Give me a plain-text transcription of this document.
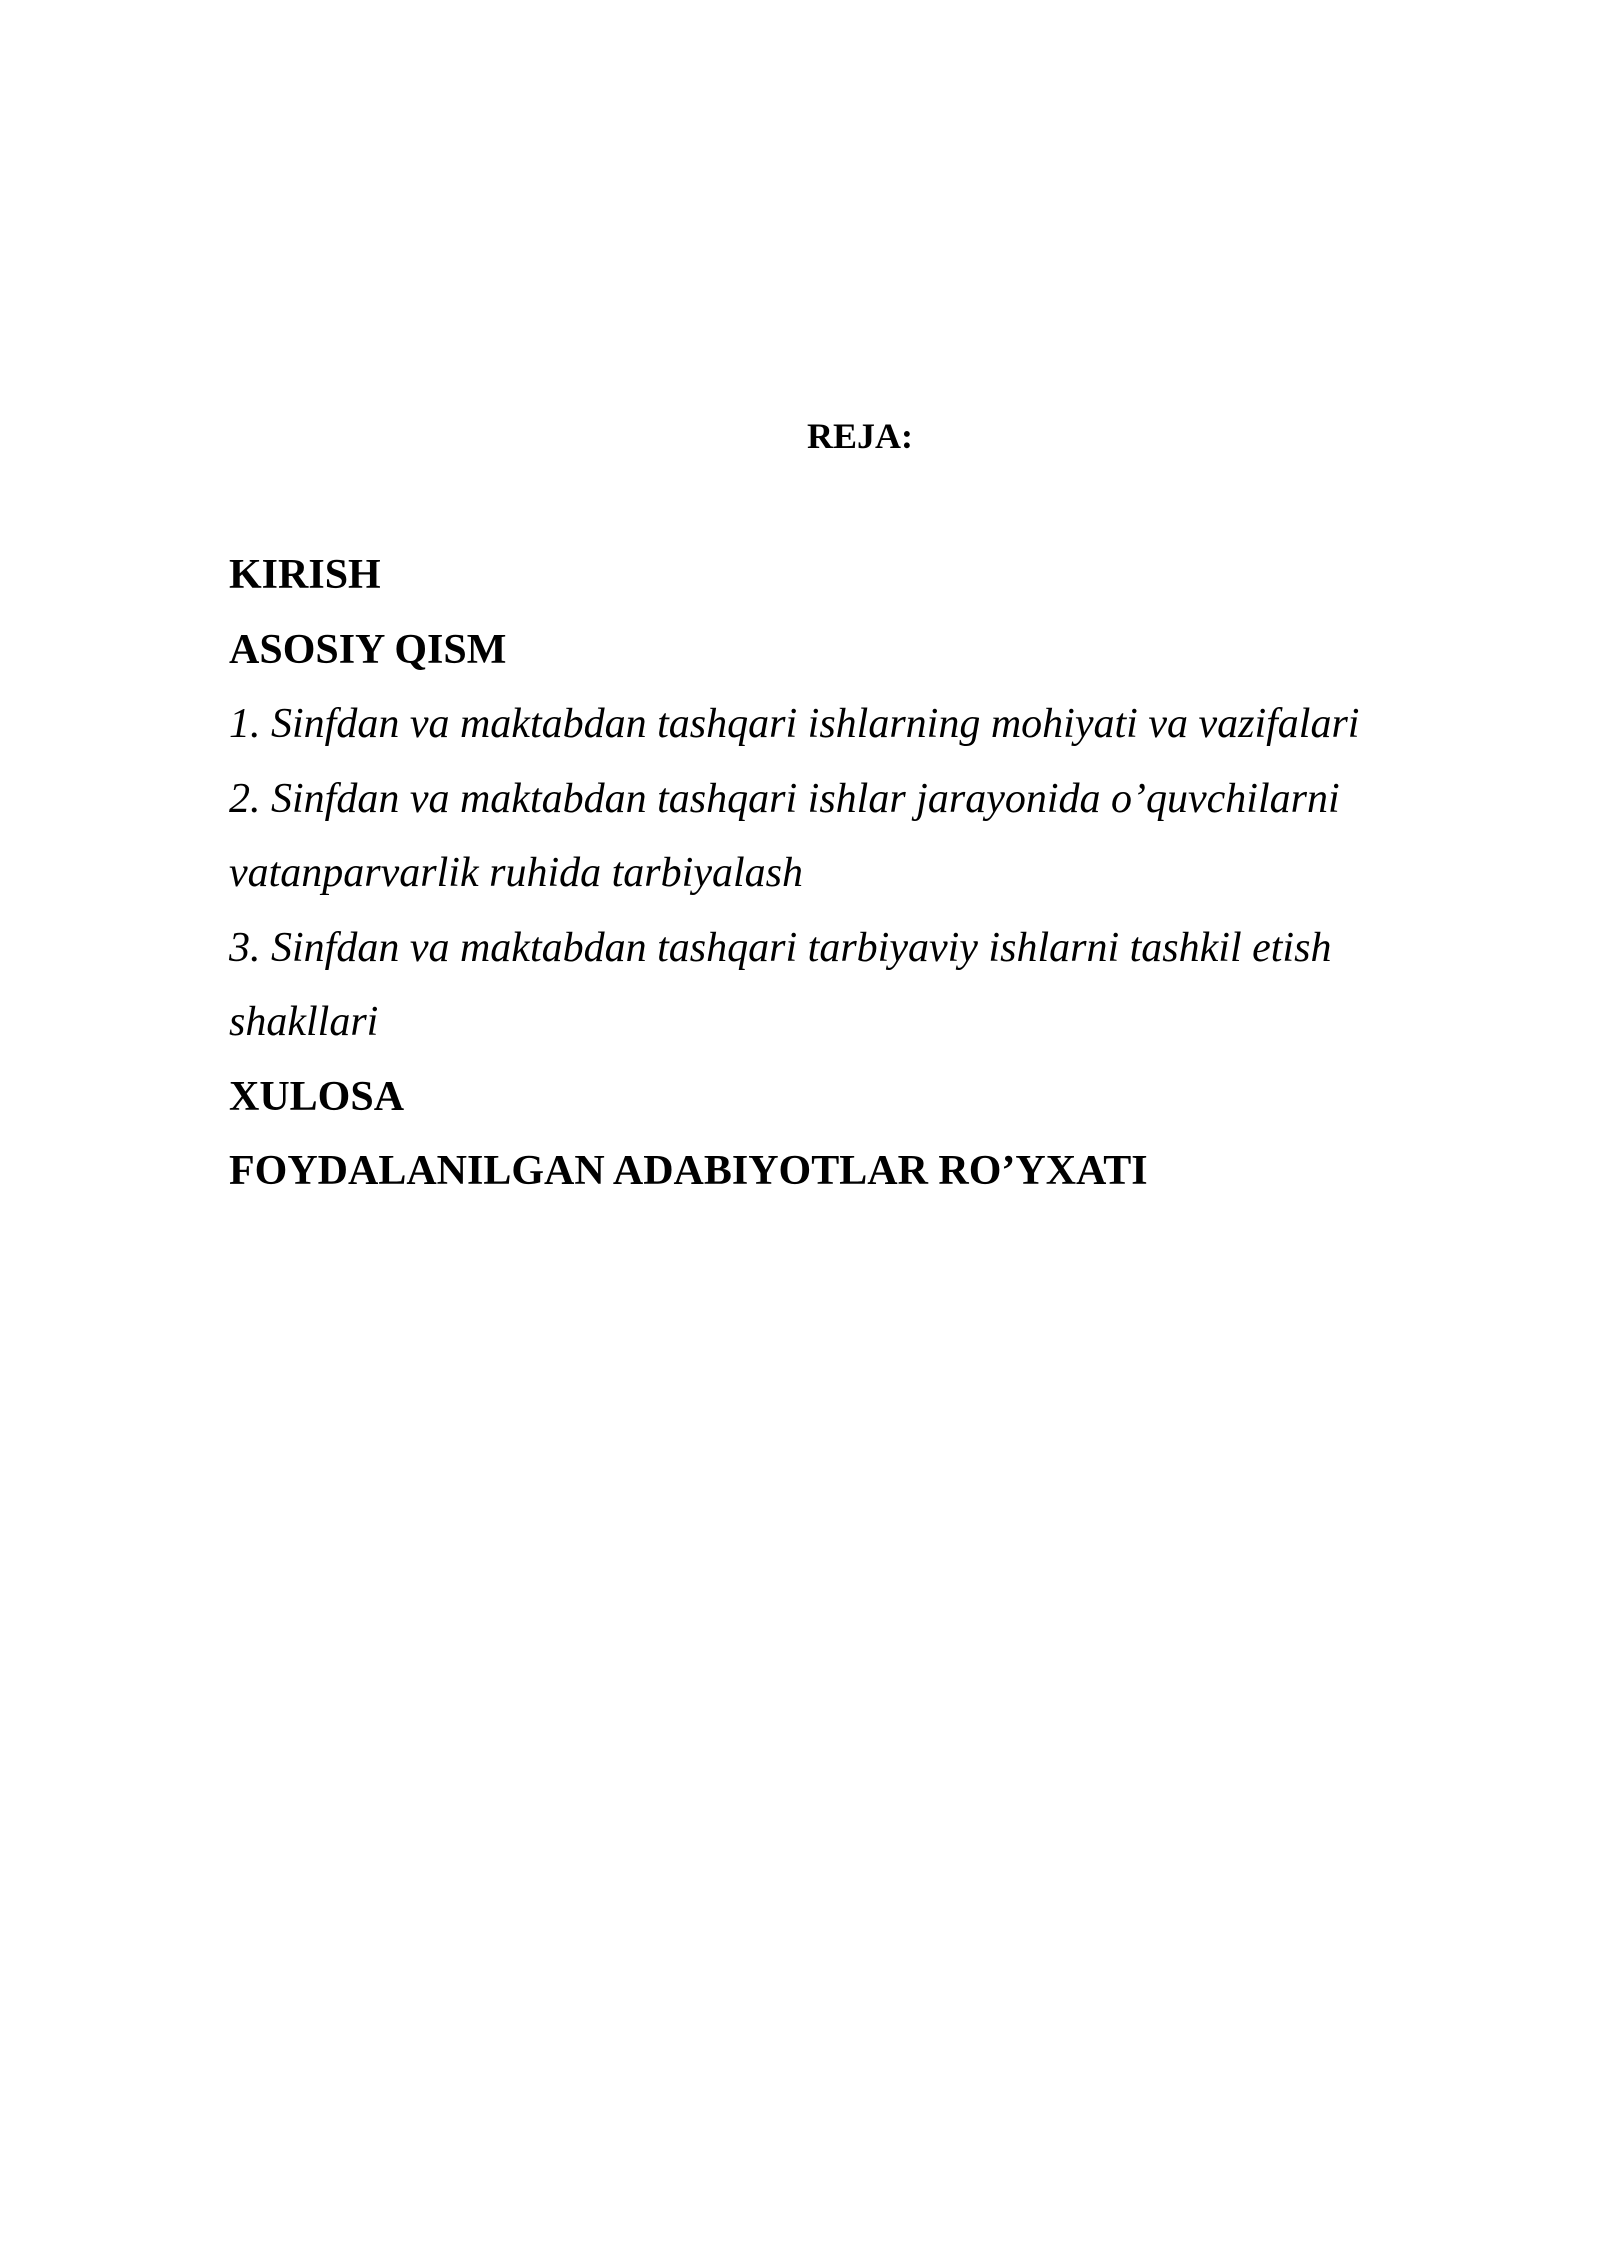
REJA:
KIRISH
ASOSIY QISM
1. Sinfdan va maktabdan tashqari ishlarning mohiyati va vazifalari
2. Sinfdan va maktabdan tashqari ishlar jarayonida o’quvchilarni
vatanparvarlik ruhida tarbiyalash
3. Sinfdan va maktabdan tashqari tarbiyaviy ishlarni tashkil etish
shakllari
XULOSA
FOYDALANILGAN ADABIYOTLAR RO’YXATI
